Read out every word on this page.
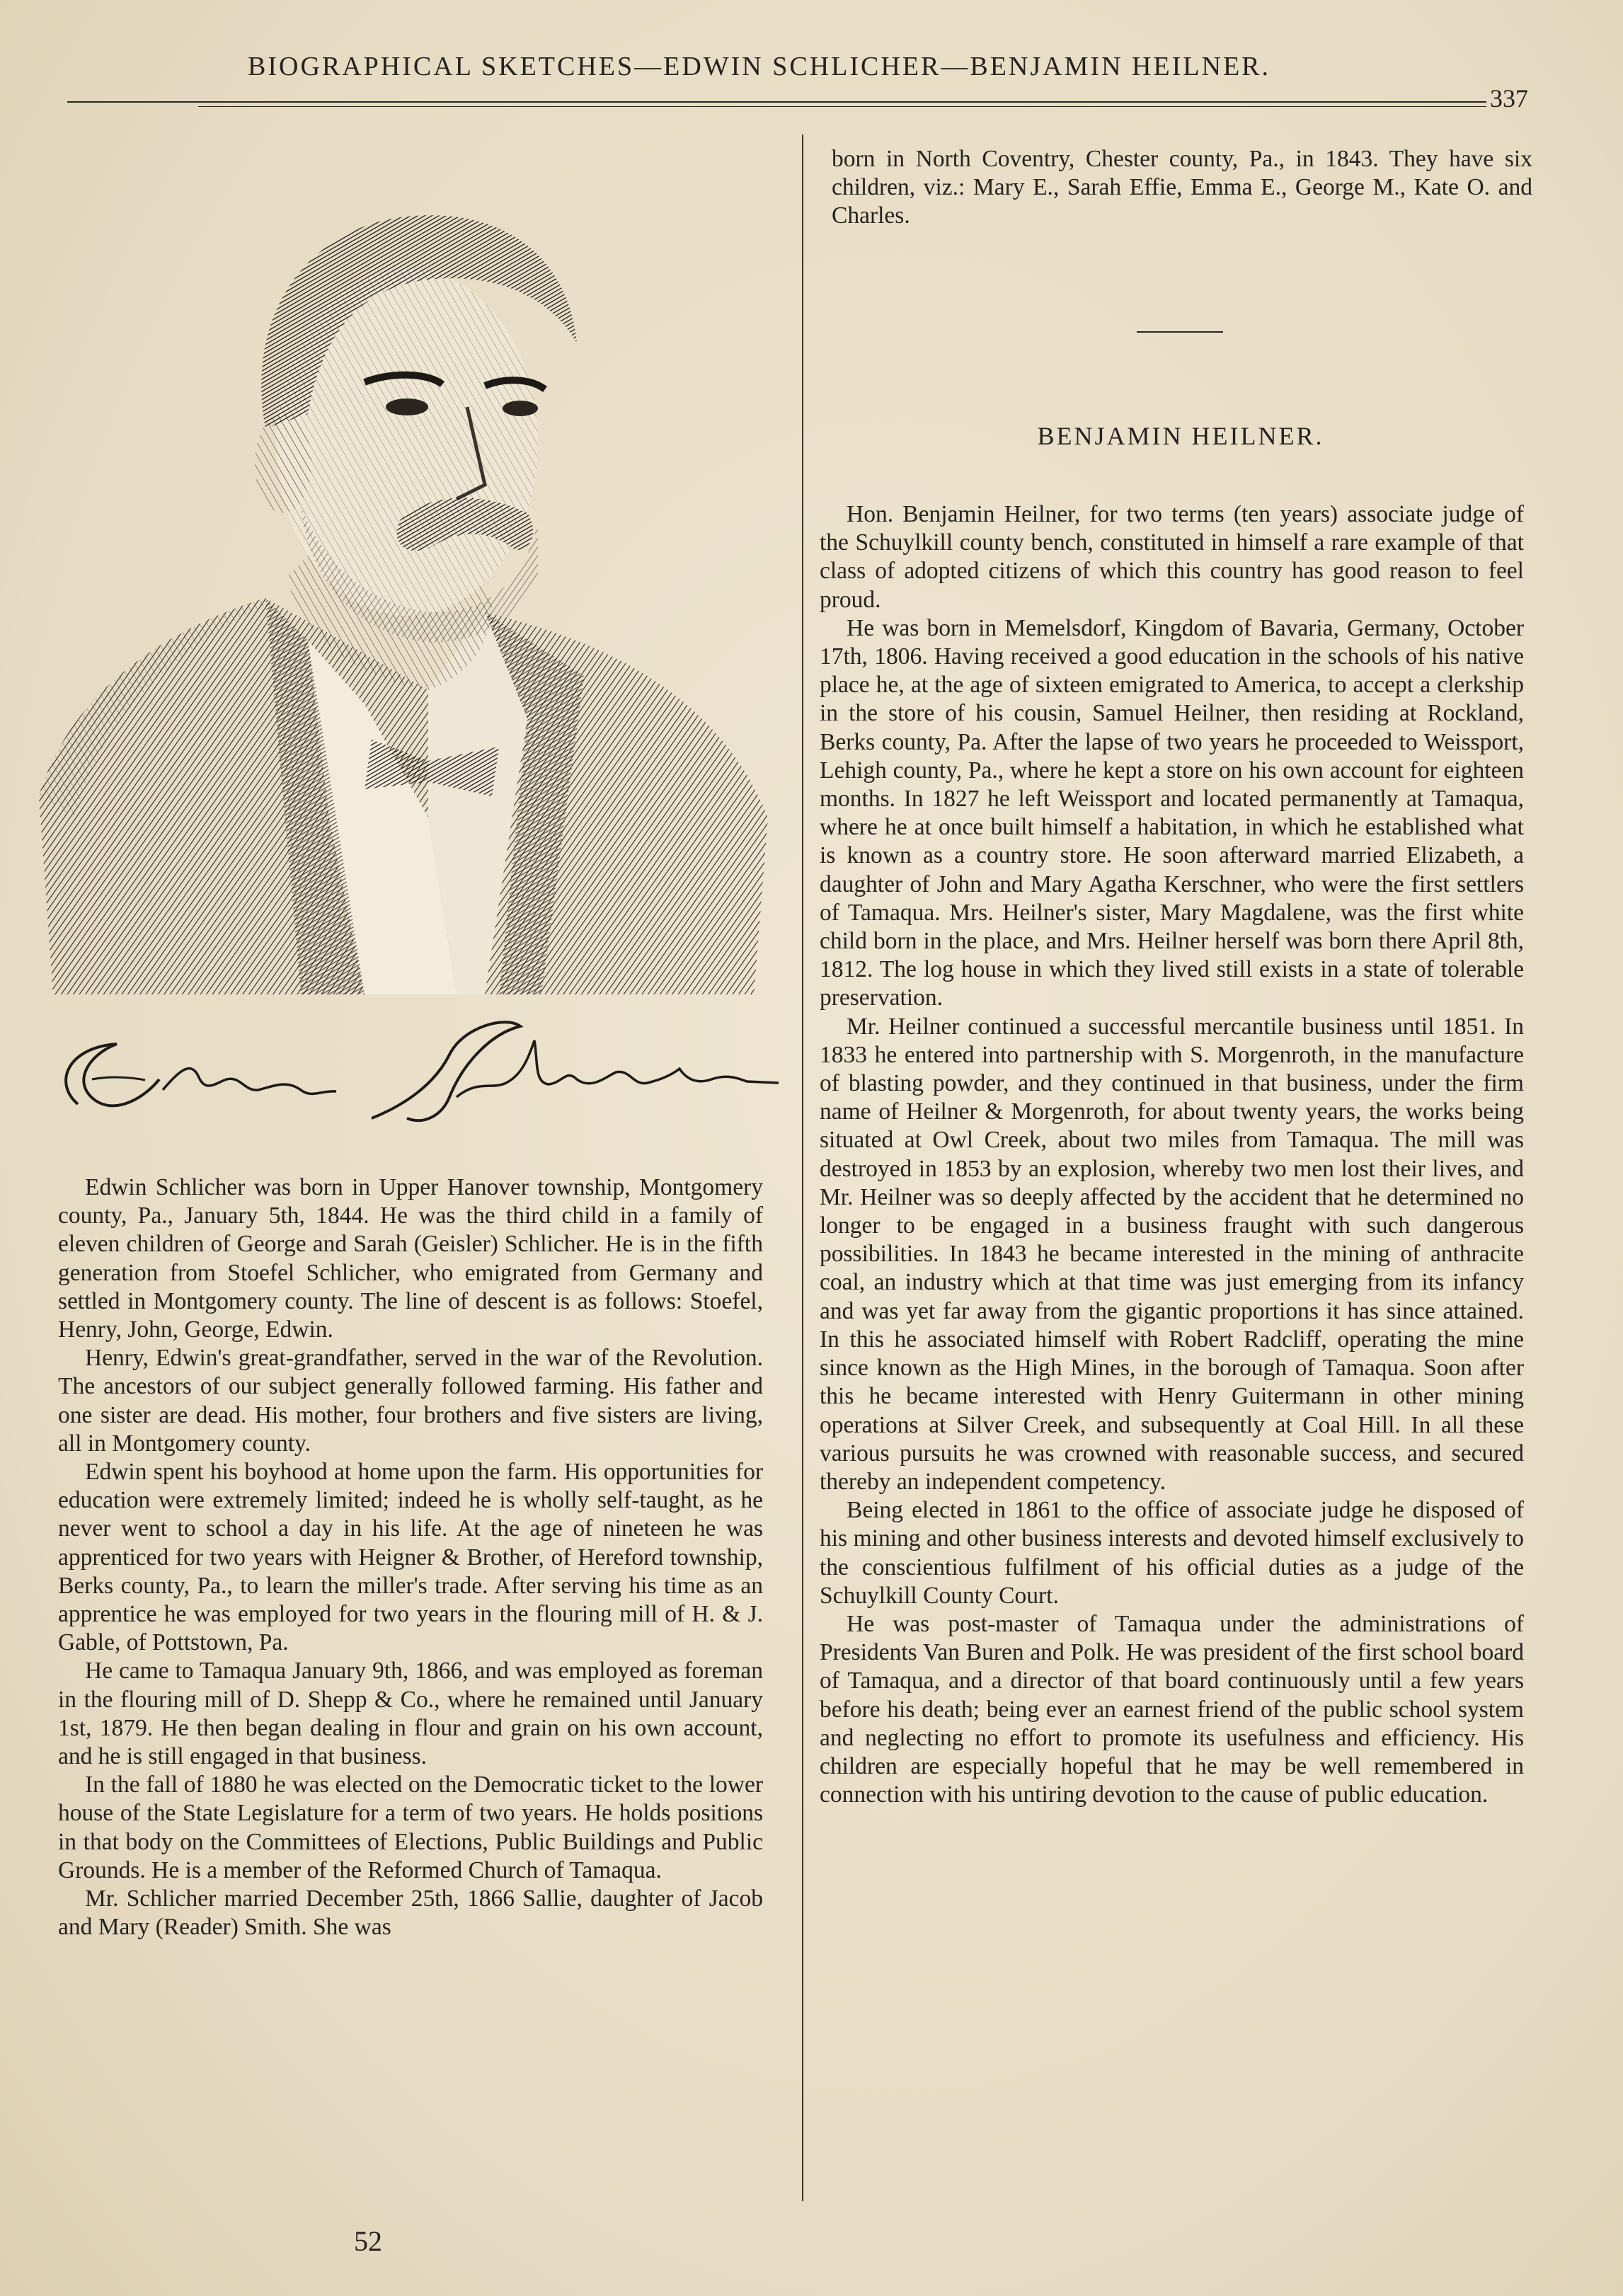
BIOGRAPHICAL SKETCHES—EDWIN SCHLICHER—BENJAMIN HEILNER.
337

Edwin Schlicher was born in Upper Hanover township, Montgomery county, Pa., January 5th, 1844. He was the third child in a family of eleven children of George and Sarah (Geisler) Schlicher. He is in the fifth generation from Stoefel Schlicher, who emigrated from Germany and settled in Montgomery county. The line of descent is as follows: Stoefel, Henry, John, George, Edwin.

Henry, Edwin's great-grandfather, served in the war of the Revolution. The ancestors of our subject generally followed farming. His father and one sister are dead. His mother, four brothers and five sisters are living, all in Montgomery county.

Edwin spent his boyhood at home upon the farm. His opportunities for education were extremely limited; indeed he is wholly self-taught, as he never went to school a day in his life. At the age of nineteen he was apprenticed for two years with Heigner & Brother, of Hereford township, Berks county, Pa., to learn the miller's trade. After serving his time as an apprentice he was employed for two years in the flouring mill of H. & J. Gable, of Pottstown, Pa.

He came to Tamaqua January 9th, 1866, and was employed as foreman in the flouring mill of D. Shepp & Co., where he remained until January 1st, 1879. He then began dealing in flour and grain on his own account, and he is still engaged in that business.

In the fall of 1880 he was elected on the Democratic ticket to the lower house of the State Legislature for a term of two years. He holds positions in that body on the Committees of Elections, Public Buildings and Public Grounds. He is a member of the Reformed Church of Tamaqua.

Mr. Schlicher married December 25th, 1866 Sallie, daughter of Jacob and Mary (Reader) Smith. She was

born in North Coventry, Chester county, Pa., in 1843. They have six children, viz.: Mary E., Sarah Effie, Emma E., George M., Kate O. and Charles.

BENJAMIN HEILNER.

Hon. Benjamin Heilner, for two terms (ten years) associate judge of the Schuylkill county bench, constituted in himself a rare example of that class of adopted citizens of which this country has good reason to feel proud.

He was born in Memelsdorf, Kingdom of Bavaria, Germany, October 17th, 1806. Having received a good education in the schools of his native place he, at the age of sixteen emigrated to America, to accept a clerkship in the store of his cousin, Samuel Heilner, then residing at Rockland, Berks county, Pa. After the lapse of two years he proceeded to Weissport, Lehigh county, Pa., where he kept a store on his own account for eighteen months. In 1827 he left Weissport and located permanently at Tamaqua, where he at once built himself a habitation, in which he established what is known as a country store. He soon afterward married Elizabeth, a daughter of John and Mary Agatha Kerschner, who were the first settlers of Tamaqua. Mrs. Heilner's sister, Mary Magdalene, was the first white child born in the place, and Mrs. Heilner herself was born there April 8th, 1812. The log house in which they lived still exists in a state of tolerable preservation.

Mr. Heilner continued a successful mercantile business until 1851. In 1833 he entered into partnership with S. Morgenroth, in the manufacture of blasting powder, and they continued in that business, under the firm name of Heilner & Morgenroth, for about twenty years, the works being situated at Owl Creek, about two miles from Tamaqua. The mill was destroyed in 1853 by an explosion, whereby two men lost their lives, and Mr. Heilner was so deeply affected by the accident that he determined no longer to be engaged in a business fraught with such dangerous possibilities. In 1843 he became interested in the mining of anthracite coal, an industry which at that time was just emerging from its infancy and was yet far away from the gigantic proportions it has since attained. In this he associated himself with Robert Radcliff, operating the mine since known as the High Mines, in the borough of Tamaqua. Soon after this he became interested with Henry Guitermann in other mining operations at Silver Creek, and subsequently at Coal Hill. In all these various pursuits he was crowned with reasonable success, and secured thereby an independent competency.

Being elected in 1861 to the office of associate judge he disposed of his mining and other business interests and devoted himself exclusively to the conscientious fulfilment of his official duties as a judge of the Schuylkill County Court.

He was post-master of Tamaqua under the administrations of Presidents Van Buren and Polk. He was president of the first school board of Tamaqua, and a director of that board continuously until a few years before his death; being ever an earnest friend of the public school system and neglecting no effort to promote its usefulness and efficiency. His children are especially hopeful that he may be well remembered in connection with his untiring devotion to the cause of public education.

52
